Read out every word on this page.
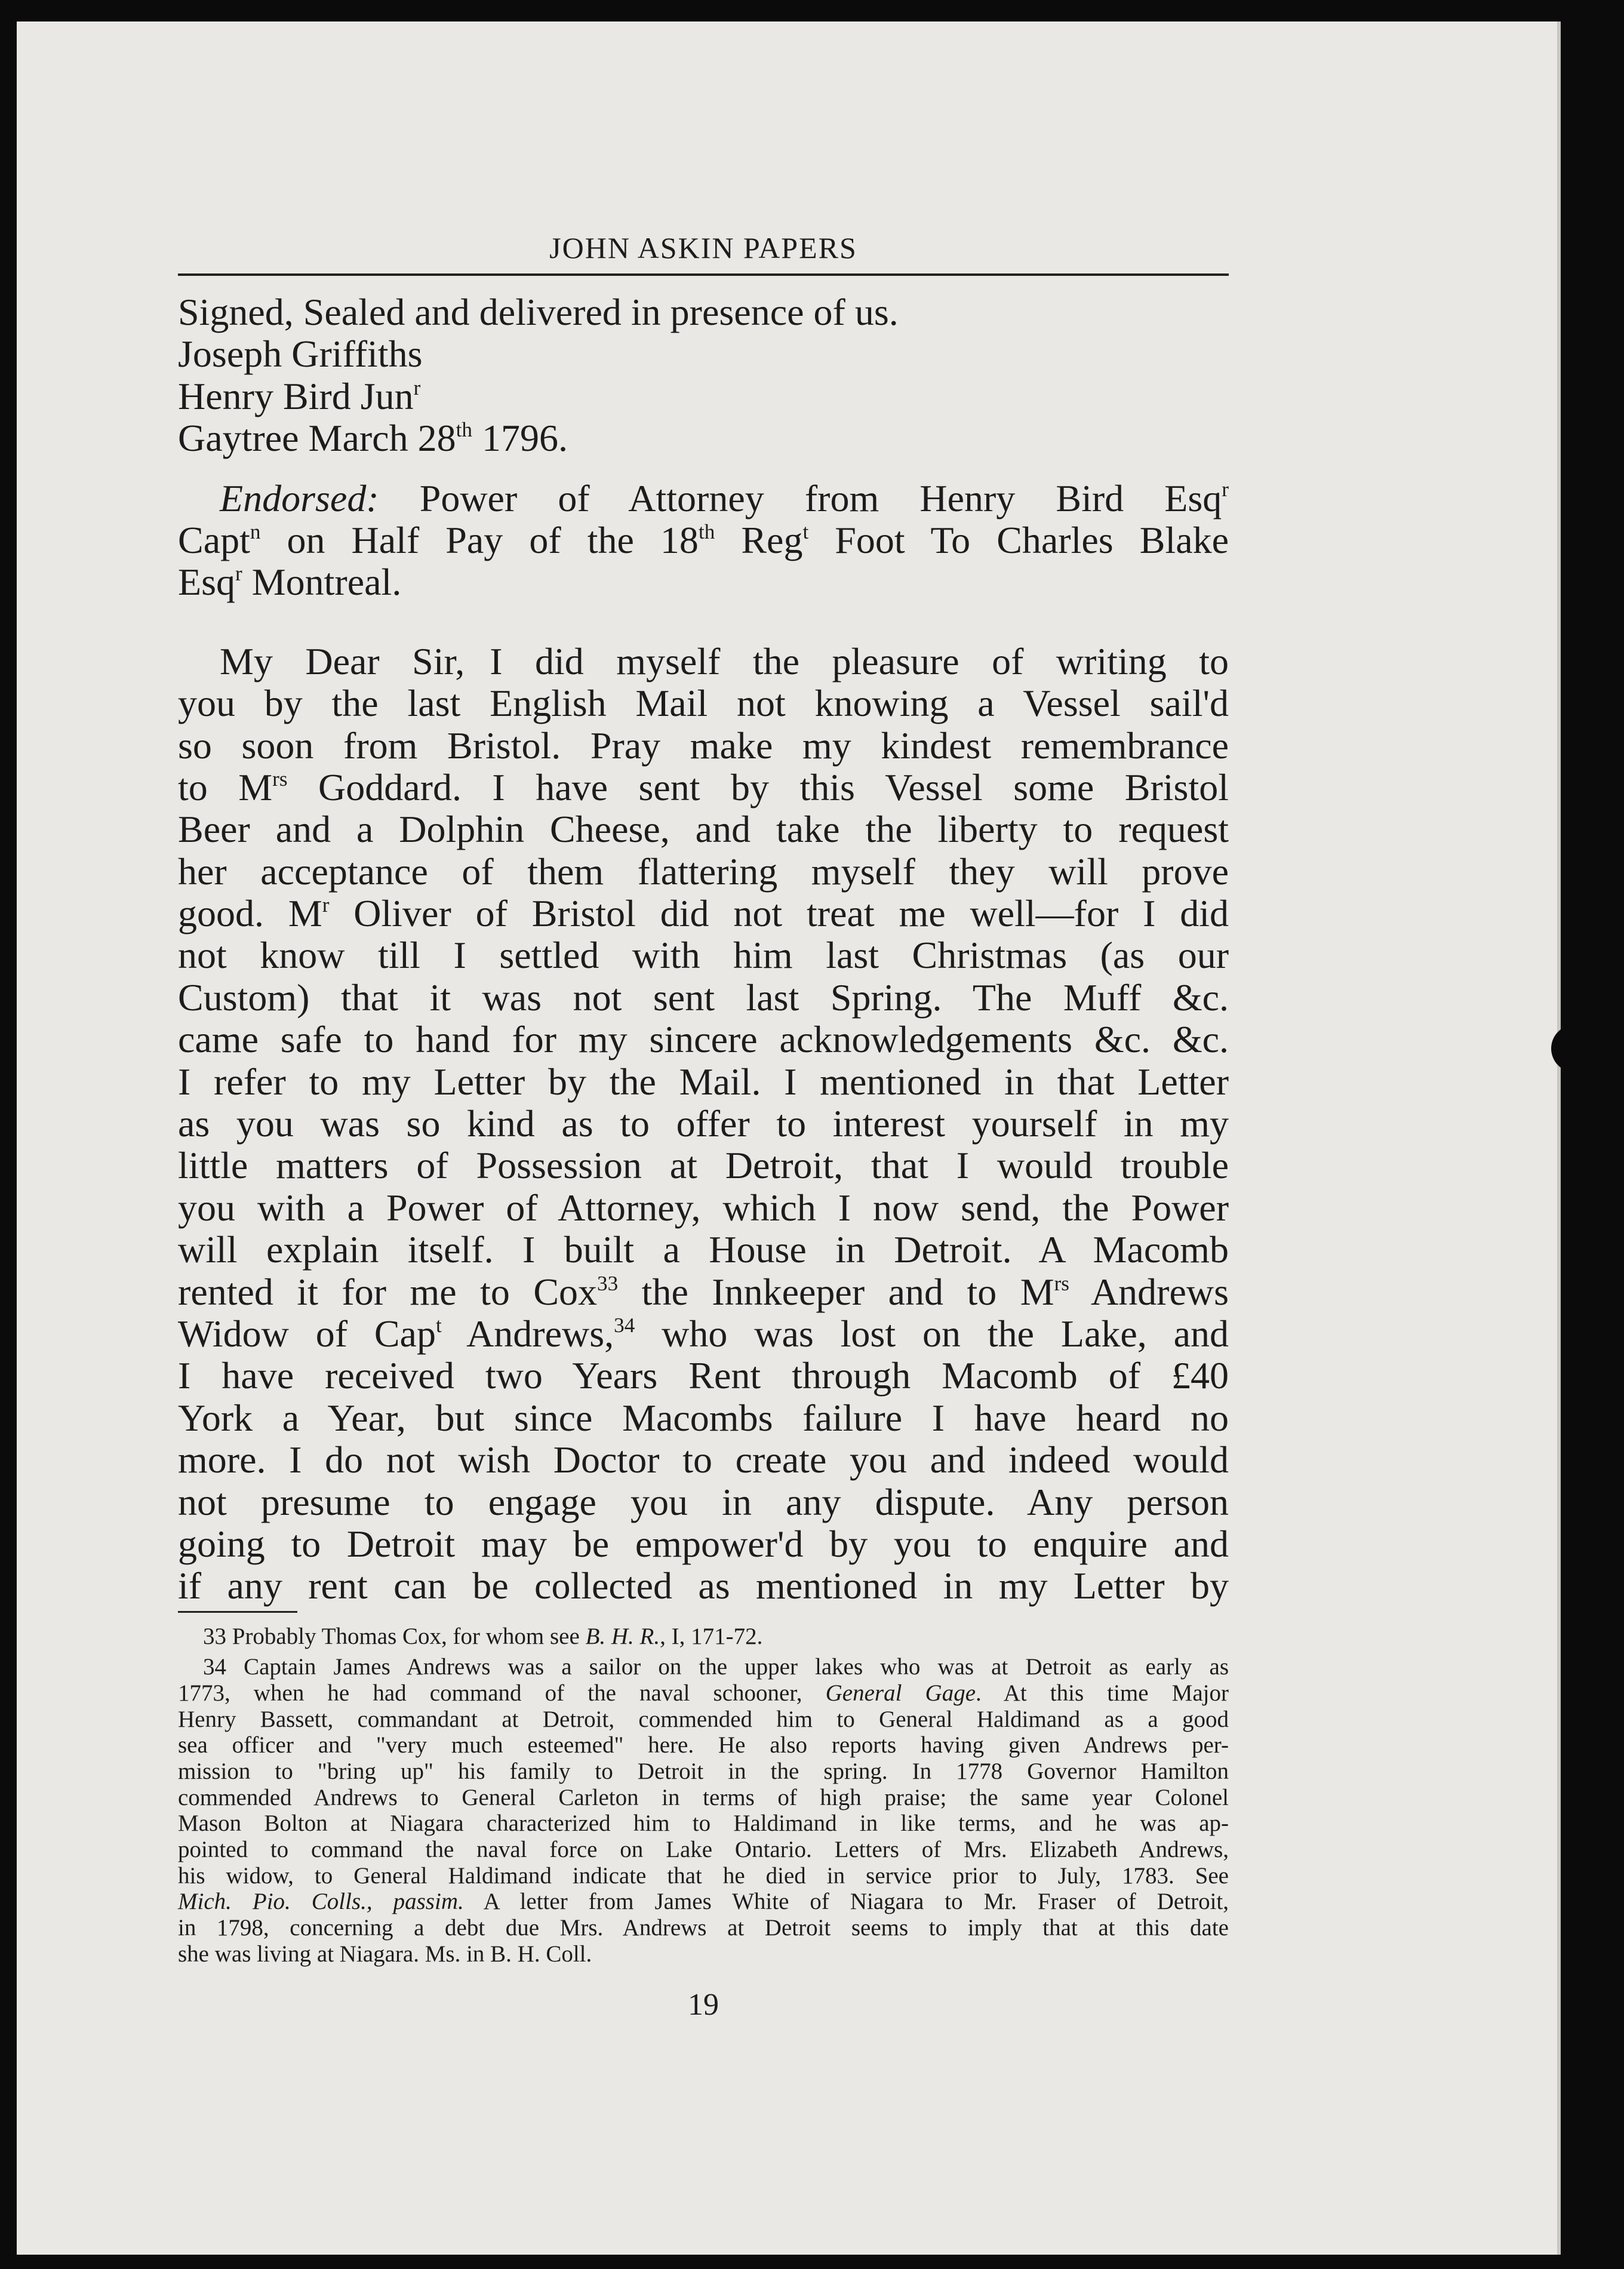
JOHN ASKIN PAPERS
Signed, Sealed and delivered in presence of us.
Joseph Griffiths
Henry Bird Jun$^r$
Gaytree March 28th 1796.
Endorsed: Power of Attorney from Henry Bird Esq$^r$
Capt$^n$ on Half Pay of the 18th Reg$^t$ Foot To Charles Blake
Esq$^r$ Montreal.
My Dear Sir, I did myself the pleasure of writing to
you by the last English Mail not knowing a Vessel sail'd
so soon from Bristol. Pray make my kindest remembrance
to $M^{rs}$ Goddard. I have sent by this Vessel some Bristol
Beer and a Dolphin Cheese, and take the liberty to request
her acceptance of them flattering myself they will prove
good. $M^r$ Oliver of Bristol did not treat me well—for I did
not know till I settled with him last Christmas (as our
Custom) that it was not sent last Spring. The Muff &c.
came safe to hand for my sincere acknowledgements &c. &c.
I refer to my Letter by the Mail. I mentioned in that Letter
as you was so kind as to offer to interest yourself in my
little matters of Possession at Detroit, that I would trouble
you with a Power of Attorney, which I now send, the Power
will explain itself. I built a House in Detroit. A Macomb
rented it for me to Cox$^{33}$ the Innkeeper and to $M^{rs}$ Andrews
Widow of Cap$^t$ Andrews,$^{34}$ who was lost on the Lake, and
I have received two Years Rent through Macomb of £40
York a Year, but since Macombs failure I have heard no
more. I do not wish Doctor to create you and indeed would
not presume to engage you in any dispute. Any person
going to Detroit may be empower'd by you to enquire and
if any rent can be collected as mentioned in my Letter by
33 Probably Thomas Cox, for whom see B. H. R., I, 171-72.
34 Captain James Andrews was a sailor on the upper lakes who was at Detroit as early as
1773, when he had command of the naval schooner, General Gage. At this time Major
Henry Bassett, commandant at Detroit, commended him to General Haldimand as a good
sea officer and "very much esteemed" here. He also reports having given Andrews per-
mission to "bring up" his family to Detroit in the spring. In 1778 Governor Hamilton
commended Andrews to General Carleton in terms of high praise; the same year Colonel
Mason Bolton at Niagara characterized him to Haldimand in like terms, and he was ap-
pointed to command the naval force on Lake Ontario. Letters of Mrs. Elizabeth Andrews,
his widow, to General Haldimand indicate that he died in service prior to July, 1783. See
Mich. Pio. Colls., passim. A letter from James White of Niagara to Mr. Fraser of Detroit,
in 1798, concerning a debt due Mrs. Andrews at Detroit seems to imply that at this date
she was living at Niagara. Ms. in B. H. Coll.
19
